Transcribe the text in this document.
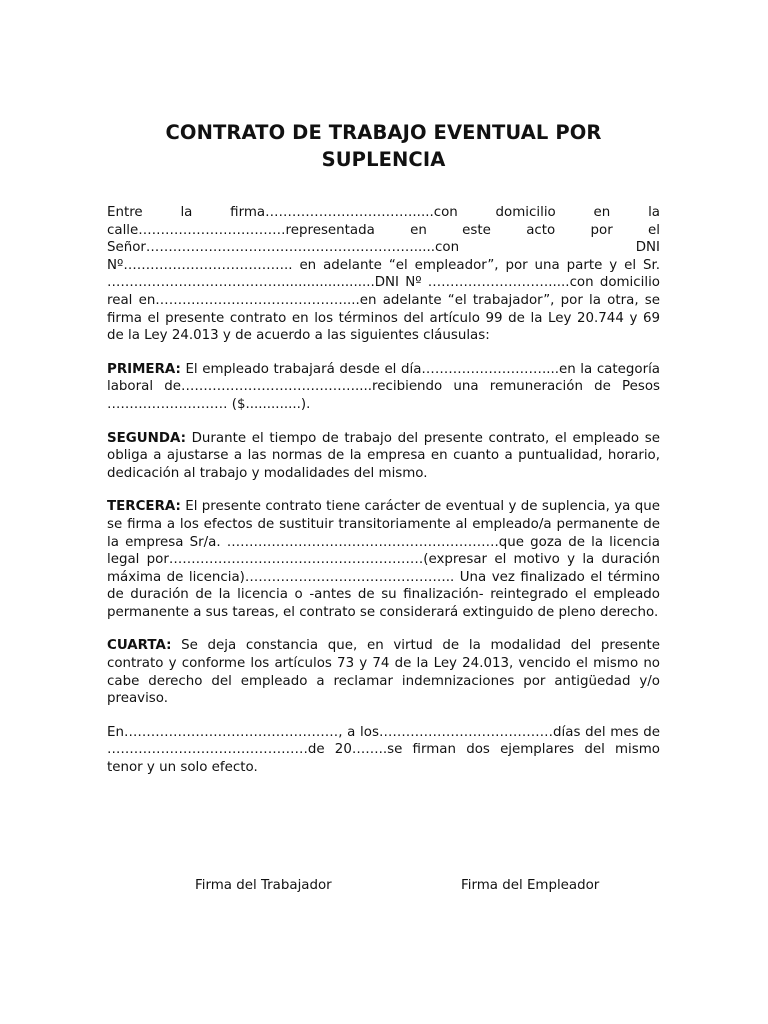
CONTRATO DE TRABAJO EVENTUAL POR
SUPLENCIA

Entre la firma…………………………….....con domicilio en la calle……………………………representada en este acto por el Señor…………………………………………………….....con DNI Nº……………………………….. en adelante “el empleador”, por una parte y el Sr. …………………………………......................DNI Nº ……………………….....con domicilio real en……………………………………....en adelante “el trabajador”, por la otra, se firma el presente contrato en los términos del artículo 99 de la Ley 20.744 y 69 de la Ley 24.013 y de acuerdo a las siguientes cláusulas:

PRIMERA: El empleado trabajará desde el día………………………....en la categoría laboral de…………………………………....recibiendo una remuneración de Pesos ……………………… ($.............).

SEGUNDA: Durante el tiempo de trabajo del presente contrato, el empleado se obliga a ajustarse a las normas de la empresa en cuanto a puntualidad, horario, dedicación al trabajo y modalidades del mismo.

TERCERA: El presente contrato tiene carácter de eventual y de suplencia, ya que se firma a los efectos de sustituir transitoriamente al empleado/a permanente de la empresa Sr/a. …………………………………………………….que goza de la licencia legal por…………………………………………………(expresar el motivo y la duración máxima de licencia)……………………………………….. Una vez finalizado el término de duración de la licencia o -antes de su finalización- reintegrado el empleado permanente a sus tareas, el contrato se considerará extinguido de pleno derecho.

CUARTA: Se deja constancia que, en virtud de la modalidad del presente contrato y conforme los artículos 73 y 74 de la Ley 24.013, vencido el mismo no cabe derecho del empleado a reclamar indemnizaciones por antigüedad y/o preaviso.

En…………………………………………, a los…………………………………días del mes de ………………………………………de 20……..se firman dos ejemplares del mismo tenor y un solo efecto.

Firma del Trabajador	Firma del Empleador
